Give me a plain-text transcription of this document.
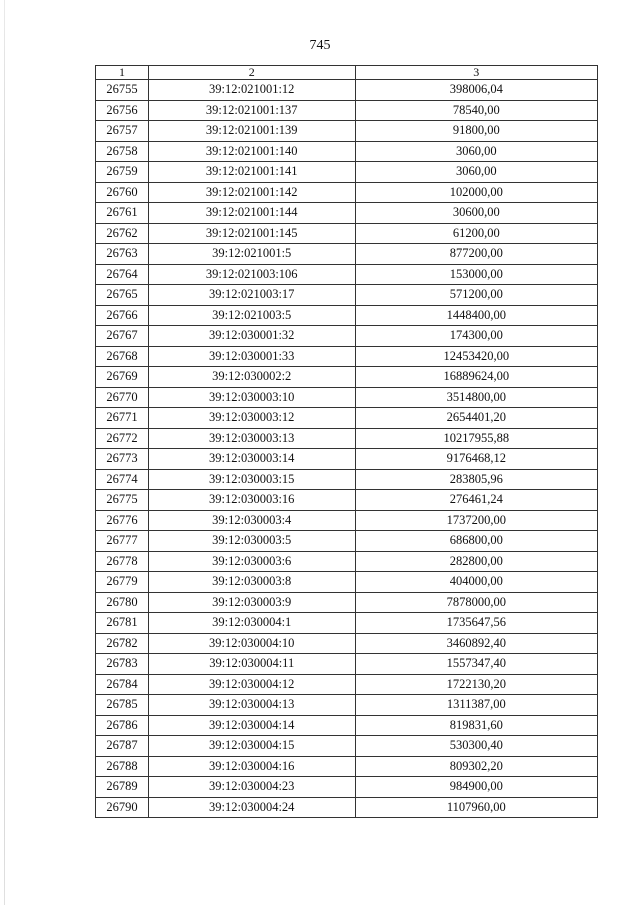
745
1	2	3
26755	39:12:021001:12	398006,04
26756	39:12:021001:137	78540,00
26757	39:12:021001:139	91800,00
26758	39:12:021001:140	3060,00
26759	39:12:021001:141	3060,00
26760	39:12:021001:142	102000,00
26761	39:12:021001:144	30600,00
26762	39:12:021001:145	61200,00
26763	39:12:021001:5	877200,00
26764	39:12:021003:106	153000,00
26765	39:12:021003:17	571200,00
26766	39:12:021003:5	1448400,00
26767	39:12:030001:32	174300,00
26768	39:12:030001:33	12453420,00
26769	39:12:030002:2	16889624,00
26770	39:12:030003:10	3514800,00
26771	39:12:030003:12	2654401,20
26772	39:12:030003:13	10217955,88
26773	39:12:030003:14	9176468,12
26774	39:12:030003:15	283805,96
26775	39:12:030003:16	276461,24
26776	39:12:030003:4	1737200,00
26777	39:12:030003:5	686800,00
26778	39:12:030003:6	282800,00
26779	39:12:030003:8	404000,00
26780	39:12:030003:9	7878000,00
26781	39:12:030004:1	1735647,56
26782	39:12:030004:10	3460892,40
26783	39:12:030004:11	1557347,40
26784	39:12:030004:12	1722130,20
26785	39:12:030004:13	1311387,00
26786	39:12:030004:14	819831,60
26787	39:12:030004:15	530300,40
26788	39:12:030004:16	809302,20
26789	39:12:030004:23	984900,00
26790	39:12:030004:24	1107960,00
